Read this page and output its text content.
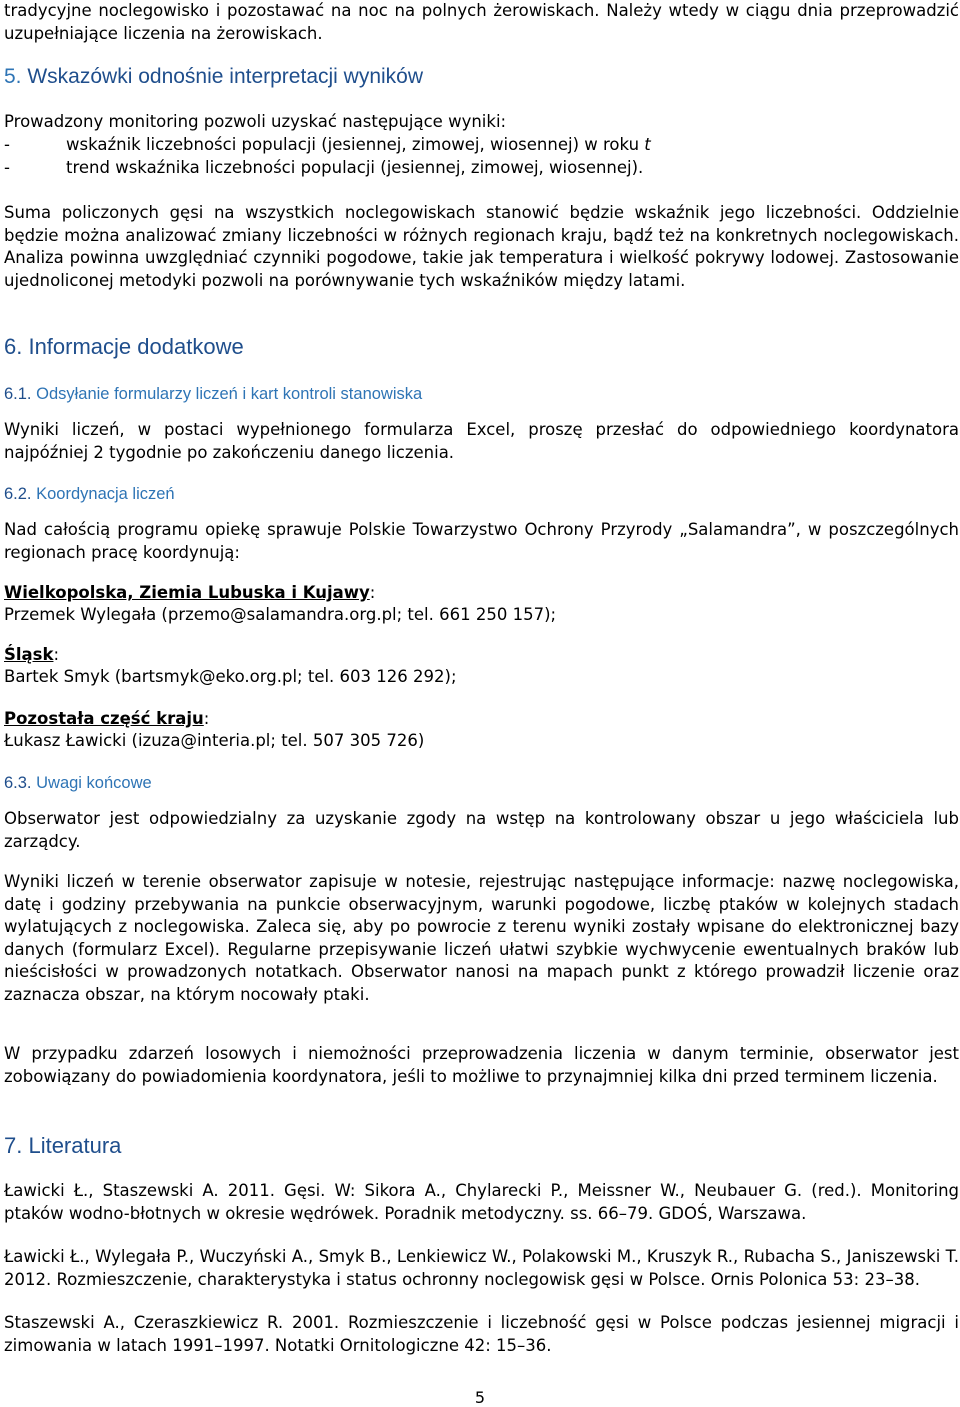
tradycyjne noclegowisko i pozostawać na noc na polnych żerowiskach. Należy wtedy w ciągu dnia przeprowadzić uzupełniające liczenia na żerowiskach.

5. Wskazówki odnośnie interpretacji wyników

Prowadzony monitoring pozwoli uzyskać następujące wyniki:

-	wskaźnik liczebności populacji (jesiennej, zimowej, wiosennej) w roku t

-	trend wskaźnika liczebności populacji (jesiennej, zimowej, wiosennej).

Suma policzonych gęsi na wszystkich noclegowiskach stanowić będzie wskaźnik jego liczebności. Oddzielnie będzie można analizować zmiany liczebności w różnych regionach kraju, bądź też na konkretnych noclegowiskach. Analiza powinna uwzględniać czynniki pogodowe, takie jak temperatura i wielkość pokrywy lodowej. Zastosowanie ujednoliconej metodyki pozwoli na porównywanie tych wskaźników między latami.

6. Informacje dodatkowe

6.1. Odsyłanie formularzy liczeń i kart kontroli stanowiska

Wyniki liczeń, w postaci wypełnionego formularza Excel, proszę przesłać do odpowiedniego koordynatora najpóźniej 2 tygodnie po zakończeniu danego liczenia.

6.2. Koordynacja liczeń

Nad całością programu opiekę sprawuje Polskie Towarzystwo Ochrony Przyrody „Salamandra”, w poszczególnych regionach pracę koordynują:

Wielkopolska, Ziemia Lubuska i Kujawy:

Przemek Wylegała (przemo@salamandra.org.pl; tel. 661 250 157);

Śląsk:

Bartek Smyk (bartsmyk@eko.org.pl; tel. 603 126 292);

Pozostała część kraju:

Łukasz Ławicki (izuza@interia.pl; tel. 507 305 726)

6.3. Uwagi końcowe

Obserwator jest odpowiedzialny za uzyskanie zgody na wstęp na kontrolowany obszar u jego właściciela lub zarządcy.

Wyniki liczeń w terenie obserwator zapisuje w notesie, rejestrując następujące informacje: nazwę noclegowiska, datę i godziny przebywania na punkcie obserwacyjnym, warunki pogodowe, liczbę ptaków w kolejnych stadach wylatujących z noclegowiska. Zaleca się, aby po powrocie z terenu wyniki zostały wpisane do elektronicznej bazy danych (formularz Excel). Regularne przepisywanie liczeń ułatwi szybkie wychwycenie ewentualnych braków lub nieścisłości w prowadzonych notatkach. Obserwator nanosi na mapach punkt z którego prowadził liczenie oraz zaznacza obszar, na którym nocowały ptaki.

W przypadku zdarzeń losowych i niemożności przeprowadzenia liczenia w danym terminie, obserwator jest zobowiązany do powiadomienia koordynatora, jeśli to możliwe to przynajmniej kilka dni przed terminem liczenia.

7. Literatura

Ławicki Ł., Staszewski A. 2011. Gęsi. W: Sikora A., Chylarecki P., Meissner W., Neubauer G. (red.). Monitoring ptaków wodno-błotnych w okresie wędrówek. Poradnik metodyczny. ss. 66–79. GDOŚ, Warszawa.

Ławicki Ł., Wylegała P., Wuczyński A., Smyk B., Lenkiewicz W., Polakowski M., Kruszyk R., Rubacha S., Janiszewski T. 2012. Rozmieszczenie, charakterystyka i status ochronny noclegowisk gęsi w Polsce. Ornis Polonica 53: 23–38.

Staszewski A., Czeraszkiewicz R. 2001. Rozmieszczenie i liczebność gęsi w Polsce podczas jesiennej migracji i zimowania w latach 1991–1997. Notatki Ornitologiczne 42: 15–36.

5
